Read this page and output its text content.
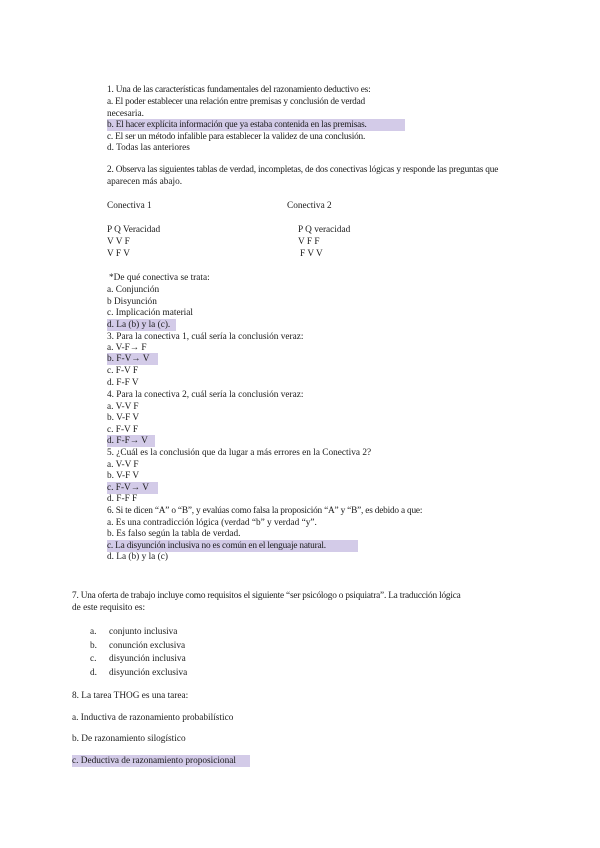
1. Una de las características fundamentales del razonamiento deductivo es:
a. El poder establecer una relación entre premisas y conclusión de verdad
necesaria.
b. El hacer explícita información que ya estaba contenida en las premisas.
c. El ser un método infalible para establecer la validez de una conclusión.
d. Todas las anteriores
2. Observa las siguientes tablas de verdad, incompletas, de dos conectivas lógicas y responde las preguntas que
aparecen más abajo.
Conectiva 1	Conectiva 2
P Q Veracidad
V V F
V F V
P Q veracidad
V F F
F V V
*De qué conectiva se trata:
a. Conjunción
b Disyunción
c. Implicación material
d. La (b) y la (c).
3. Para la conectiva 1, cuál sería la conclusión veraz:
a. V-F→ F
b. F-V→ V
c. F-V F
d. F-F V
4. Para la conectiva 2, cuál sería la conclusión veraz:
a. V-V F
b. V-F V
c. F-V F
d. F-F→ V
5. ¿Cuál es la conclusión que da lugar a más errores en la Conectiva 2?
a. V-V F
b. V-F V
c. F-V→ V
d. F-F F
6. Si te dicen “A” o “B”, y evalúas como falsa la proposición “A” y “B”, es debido a que:
a. Es una contradicción lógica (verdad “b” y verdad “y”.
b. Es falso según la tabla de verdad.
c. La disyunción inclusiva no es común en el lenguaje natural.
d. La (b) y la (c)
7. Una oferta de trabajo incluye como requisitos el siguiente “ser psicólogo o psiquiatra”. La traducción lógica
de este requisito es:
a. conjunto inclusiva
b. conunción exclusiva
c. disyunción inclusiva
d. disyunción exclusiva
8. La tarea THOG es una tarea:
a. Inductiva de razonamiento probabilístico
b. De razonamiento silogístico
c. Deductiva de razonamiento proposicional
